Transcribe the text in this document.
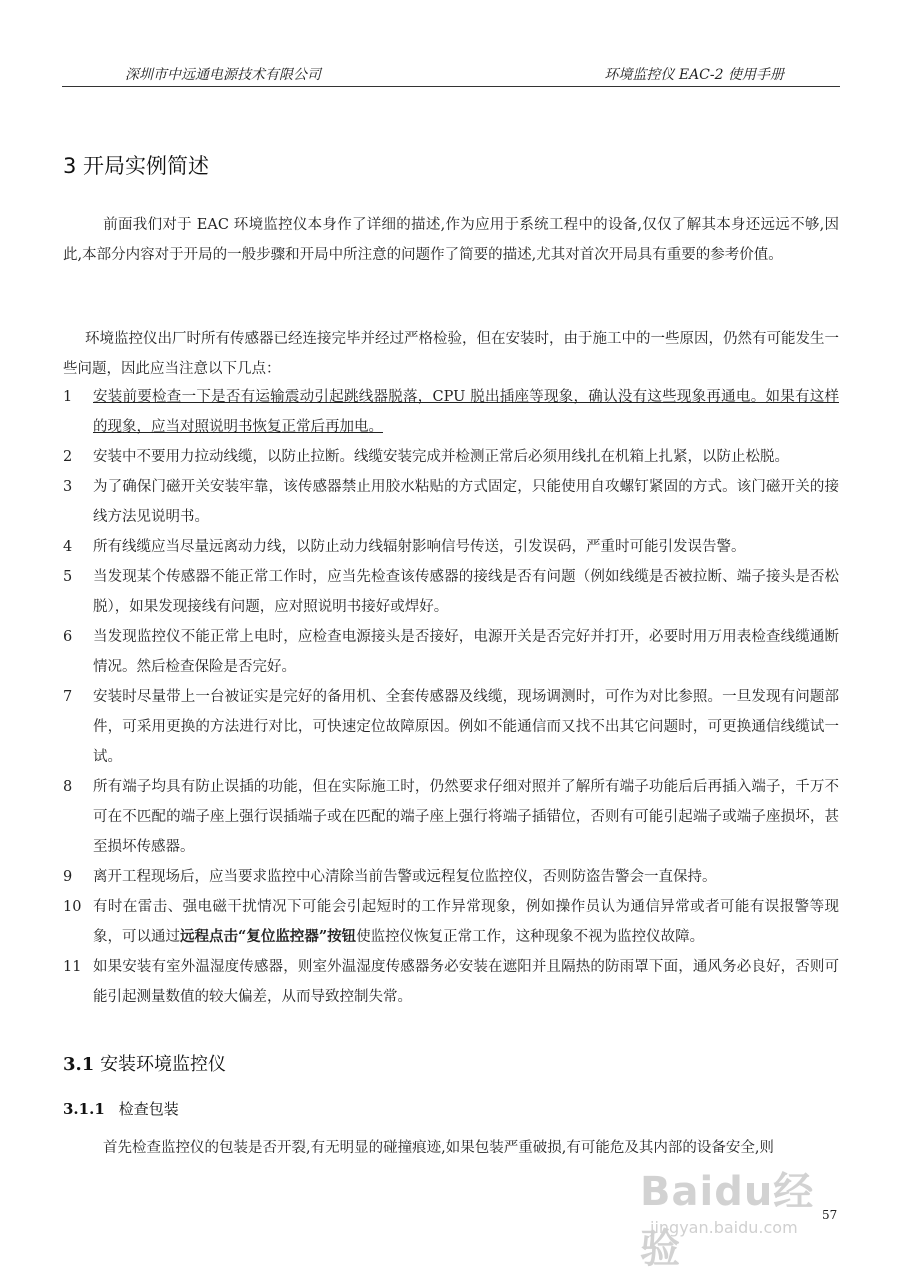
深圳市中远通电源技术有限公司	环境监控仪 EAC-2 使用手册
3 开局实例简述
前面我们对于 EAC 环境监控仪本身作了详细的描述,作为应用于系统工程中的设备,仅仅了解其本身还远远不够,因此,本部分内容对于开局的一般步骤和开局中所注意的问题作了简要的描述,尤其对首次开局具有重要的参考价值。
环境监控仪出厂时所有传感器已经连接完毕并经过严格检验，但在安装时，由于施工中的一些原因，仍然有可能发生一些问题，因此应当注意以下几点：
1	安装前要检查一下是否有运输震动引起跳线器脱落，CPU 脱出插座等现象，确认没有这些现象再通电。如果有这样的现象，应当对照说明书恢复正常后再加电。
2	安装中不要用力拉动线缆，以防止拉断。线缆安装完成并检测正常后必须用线扎在机箱上扎紧，以防止松脱。
3	为了确保门磁开关安装牢靠，该传感器禁止用胶水粘贴的方式固定，只能使用自攻螺钉紧固的方式。该门磁开关的接线方法见说明书。
4	所有线缆应当尽量远离动力线，以防止动力线辐射影响信号传送，引发误码，严重时可能引发误告警。
5	当发现某个传感器不能正常工作时，应当先检查该传感器的接线是否有问题（例如线缆是否被拉断、端子接头是否松脱），如果发现接线有问题，应对照说明书接好或焊好。
6	当发现监控仪不能正常上电时，应检查电源接头是否接好，电源开关是否完好并打开，必要时用万用表检查线缆通断情况。然后检查保险是否完好。
7	安装时尽量带上一台被证实是完好的备用机、全套传感器及线缆，现场调测时，可作为对比参照。一旦发现有问题部件，可采用更换的方法进行对比，可快速定位故障原因。例如不能通信而又找不出其它问题时，可更换通信线缆试一试。
8	所有端子均具有防止误插的功能，但在实际施工时，仍然要求仔细对照并了解所有端子功能后后再插入端子，千万不可在不匹配的端子座上强行误插端子或在匹配的端子座上强行将端子插错位，否则有可能引起端子或端子座损坏，甚至损坏传感器。
9	离开工程现场后，应当要求监控中心清除当前告警或远程复位监控仪，否则防盗告警会一直保持。
10 有时在雷击、强电磁干扰情况下可能会引起短时的工作异常现象，例如操作员认为通信异常或者可能有误报警等现象，可以通过远程点击“复位监控器”按钮使监控仪恢复正常工作，这种现象不视为监控仪故障。
11 如果安装有室外温湿度传感器，则室外温湿度传感器务必安装在遮阳并且隔热的防雨罩下面，通风务必良好，否则可能引起测量数值的较大偏差，从而导致控制失常。
3.1 安装环境监控仪
3.1.1 检查包装
首先检查监控仪的包装是否开裂,有无明显的碰撞痕迹,如果包装严重破损,有可能危及其内部的设备安全,则
57
Baidu经验
jingyan.baidu.com
